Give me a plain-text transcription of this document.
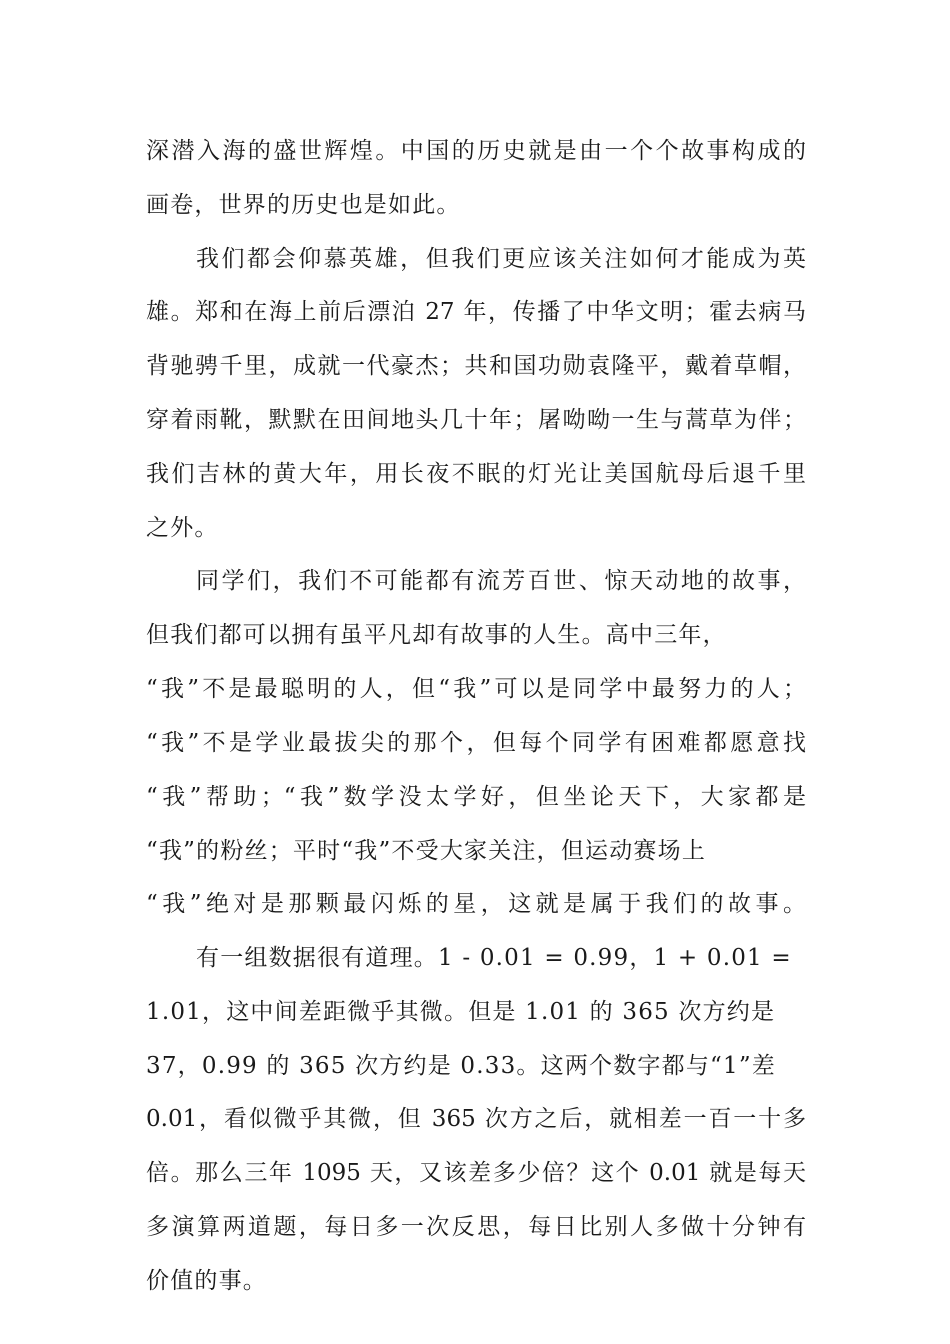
深潜入海的盛世辉煌。中国的历史就是由一个个故事构成的
画卷，世界的历史也是如此。
我们都会仰慕英雄，但我们更应该关注如何才能成为英
雄。郑和在海上前后漂泊 27 年，传播了中华文明；霍去病马
背驰骋千里，成就一代豪杰；共和国功勋袁隆平，戴着草帽，
穿着雨靴，默默在田间地头几十年；屠呦呦一生与蒿草为伴；
我们吉林的黄大年，用长夜不眠的灯光让美国航母后退千里
之外。
同学们，我们不可能都有流芳百世、惊天动地的故事，
但我们都可以拥有虽平凡却有故事的人生。高中三年，
“我”不是最聪明的人，但“我”可以是同学中最努力的人；
“我”不是学业最拔尖的那个，但每个同学有困难都愿意找
“我”帮助；“我”数学没太学好，但坐论天下，大家都是
“我”的粉丝；平时“我”不受大家关注，但运动赛场上
“我”绝对是那颗最闪烁的星，这就是属于我们的故事。
有一组数据很有道理。1 - 0.01 = 0.99，1 + 0.01 =
1.01，这中间差距微乎其微。但是 1.01 的 365 次方约是
37，0.99 的 365 次方约是 0.33。这两个数字都与“1”差
0.01，看似微乎其微，但 365 次方之后，就相差一百一十多
倍。那么三年 1095 天，又该差多少倍？这个 0.01 就是每天
多演算两道题，每日多一次反思，每日比别人多做十分钟有
价值的事。
